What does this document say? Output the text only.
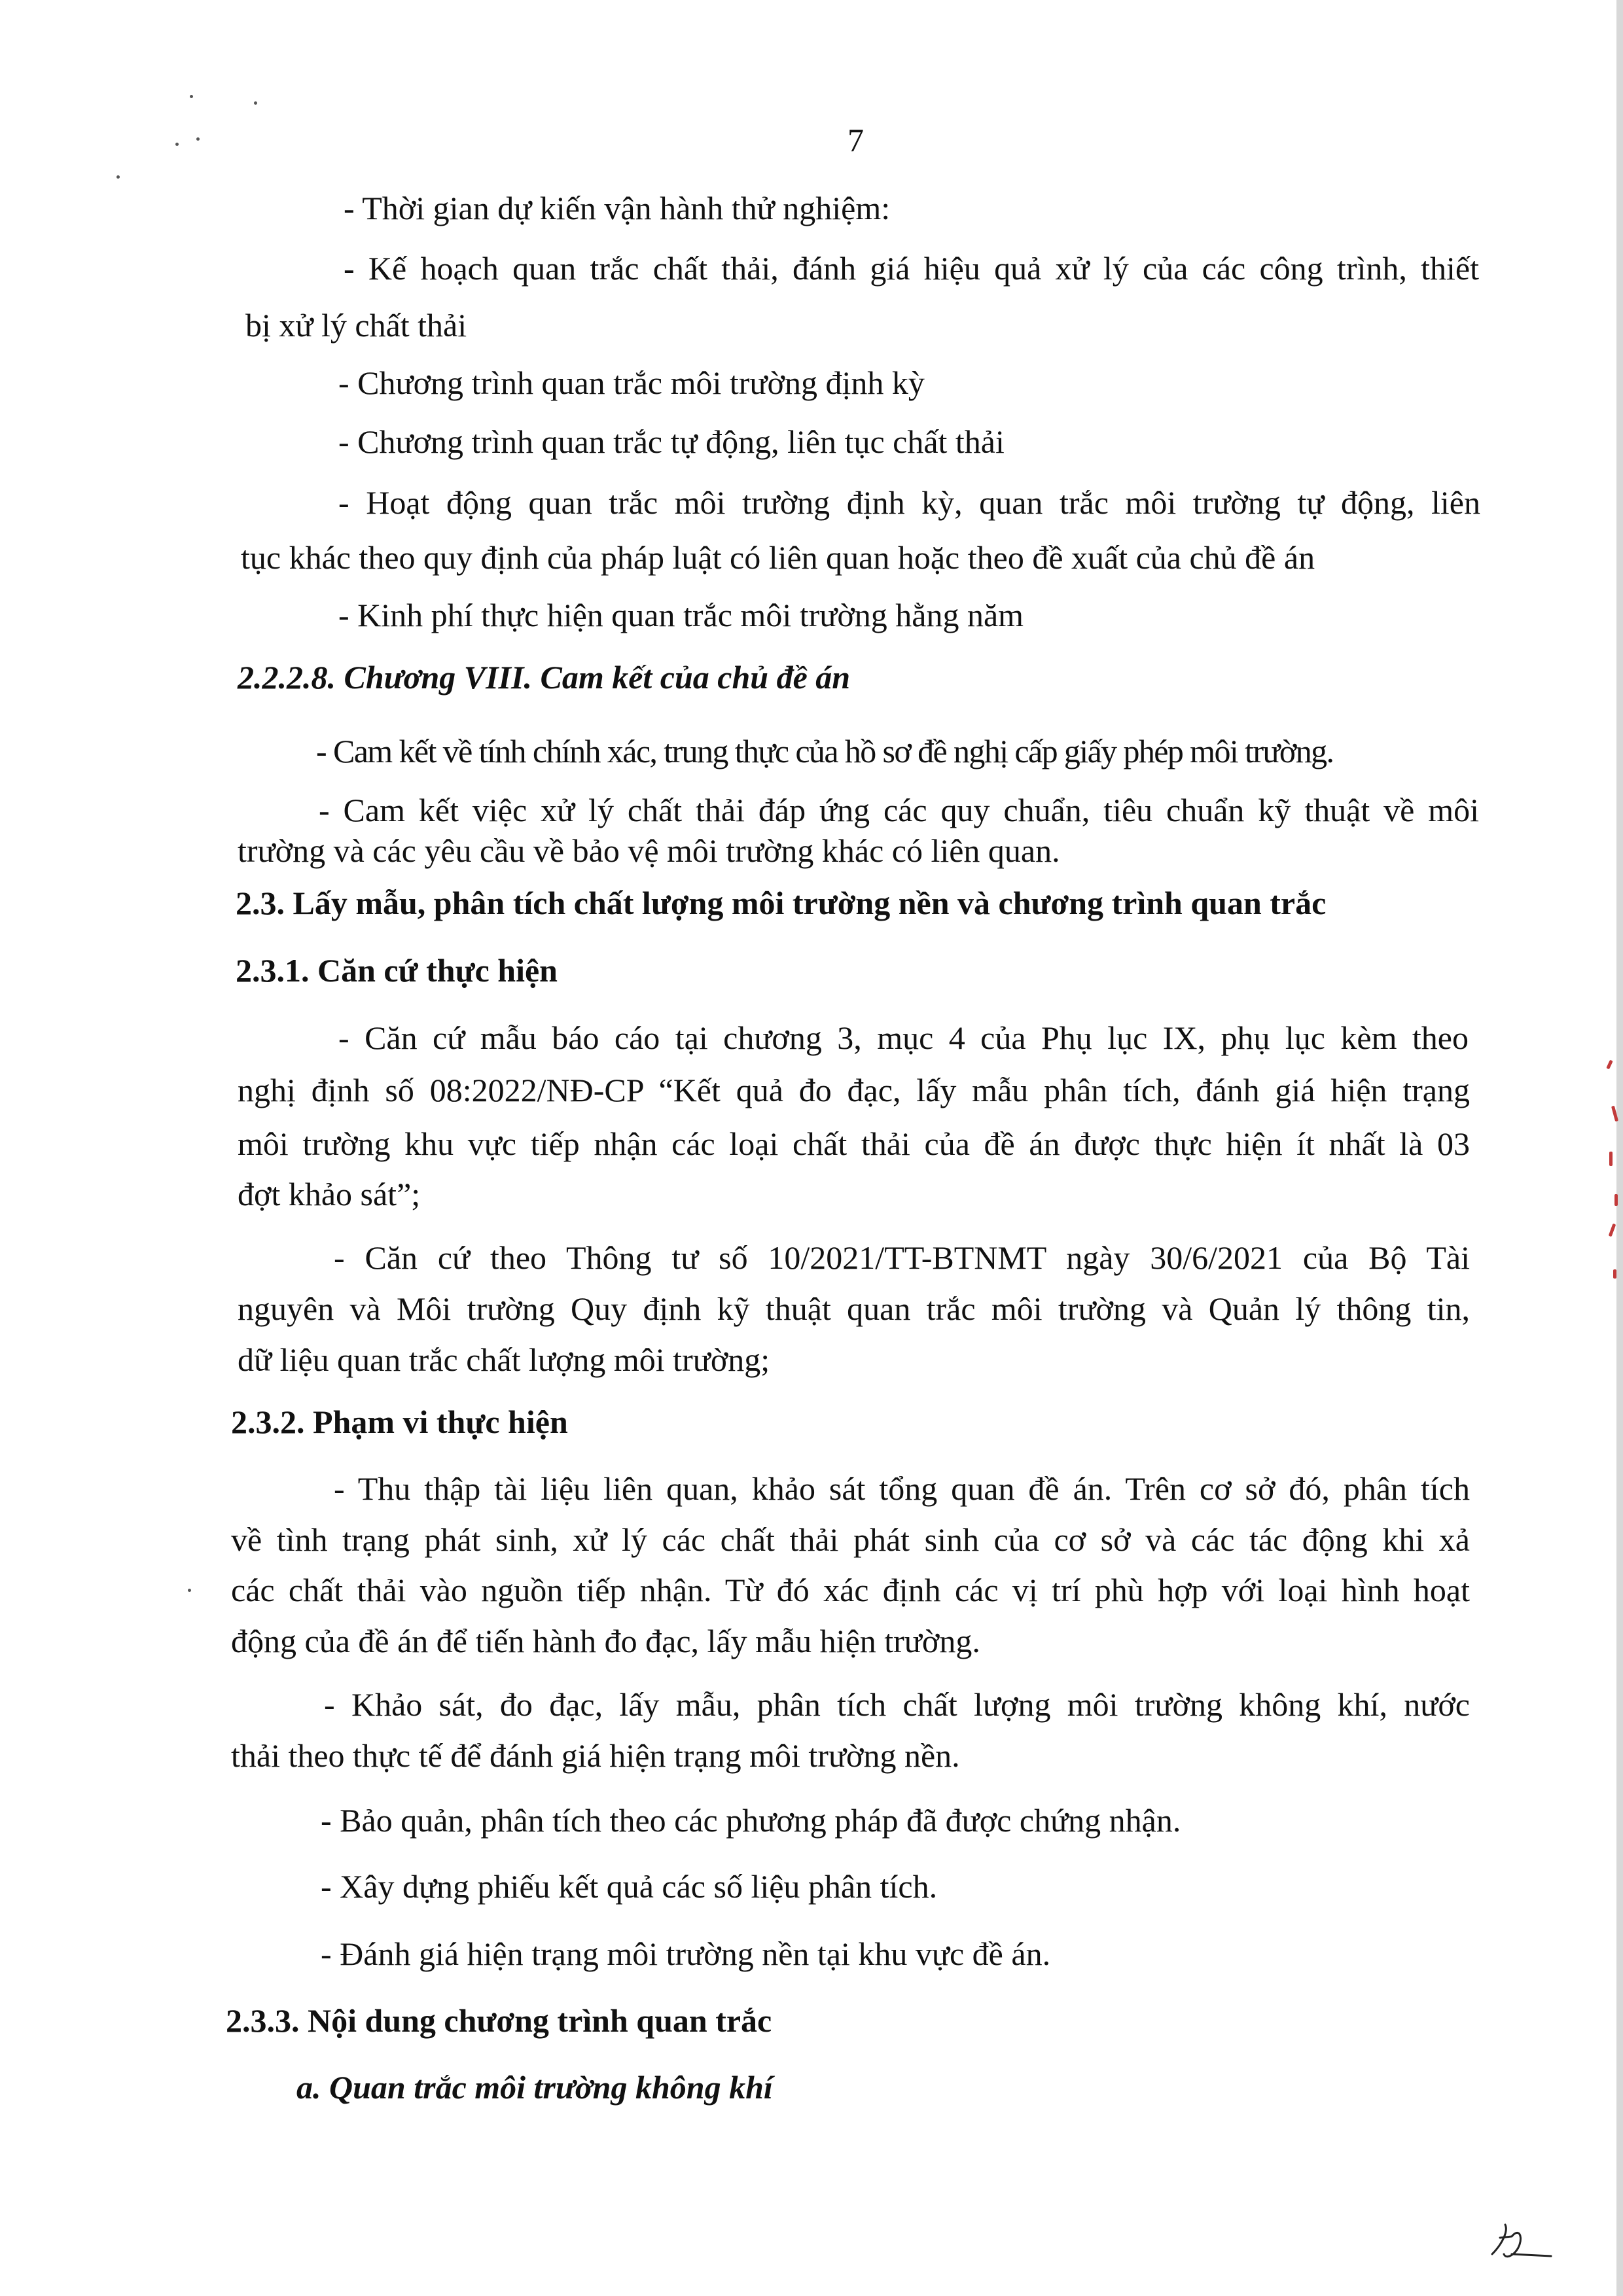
7
- Thời gian dự kiến vận hành thử nghiệm:
- Kế hoạch quan trắc chất thải, đánh giá hiệu quả xử lý của các công trình, thiết
bị xử lý chất thải
- Chương trình quan trắc môi trường định kỳ
- Chương trình quan trắc tự động, liên tục chất thải
- Hoạt động quan trắc môi trường định kỳ, quan trắc môi trường tự động, liên
tục khác theo quy định của pháp luật có liên quan hoặc theo đề xuất của chủ đề án
- Kinh phí thực hiện quan trắc môi trường hằng năm
2.2.2.8. Chương VIII. Cam kết của chủ đề án
- Cam kết về tính chính xác, trung thực của hồ sơ đề nghị cấp giấy phép môi trường.
- Cam kết việc xử lý chất thải đáp ứng các quy chuẩn, tiêu chuẩn kỹ thuật về môi
trường và các yêu cầu về bảo vệ môi trường khác có liên quan.
2.3. Lấy mẫu, phân tích chất lượng môi trường nền và chương trình quan trắc
2.3.1. Căn cứ thực hiện
- Căn cứ mẫu báo cáo tại chương 3, mục 4 của Phụ lục IX, phụ lục kèm theo
nghị định số 08:2022/NĐ-CP “Kết quả đo đạc, lấy mẫu phân tích, đánh giá hiện trạng
môi trường khu vực tiếp nhận các loại chất thải của đề án được thực hiện ít nhất là 03
đợt khảo sát”;
- Căn cứ theo Thông tư số 10/2021/TT-BTNMT ngày 30/6/2021 của Bộ Tài
nguyên và Môi trường Quy định kỹ thuật quan trắc môi trường và Quản lý thông tin,
dữ liệu quan trắc chất lượng môi trường;
2.3.2. Phạm vi thực hiện
- Thu thập tài liệu liên quan, khảo sát tổng quan đề án. Trên cơ sở đó, phân tích
về tình trạng phát sinh, xử lý các chất thải phát sinh của cơ sở và các tác động khi xả
các chất thải vào nguồn tiếp nhận. Từ đó xác định các vị trí phù hợp với loại hình hoạt
động của đề án để tiến hành đo đạc, lấy mẫu hiện trường.
- Khảo sát, đo đạc, lấy mẫu, phân tích chất lượng môi trường không khí, nước
thải theo thực tế để đánh giá hiện trạng môi trường nền.
- Bảo quản, phân tích theo các phương pháp đã được chứng nhận.
- Xây dựng phiếu kết quả các số liệu phân tích.
- Đánh giá hiện trạng môi trường nền tại khu vực đề án.
2.3.3. Nội dung chương trình quan trắc
a. Quan trắc môi trường không khí
